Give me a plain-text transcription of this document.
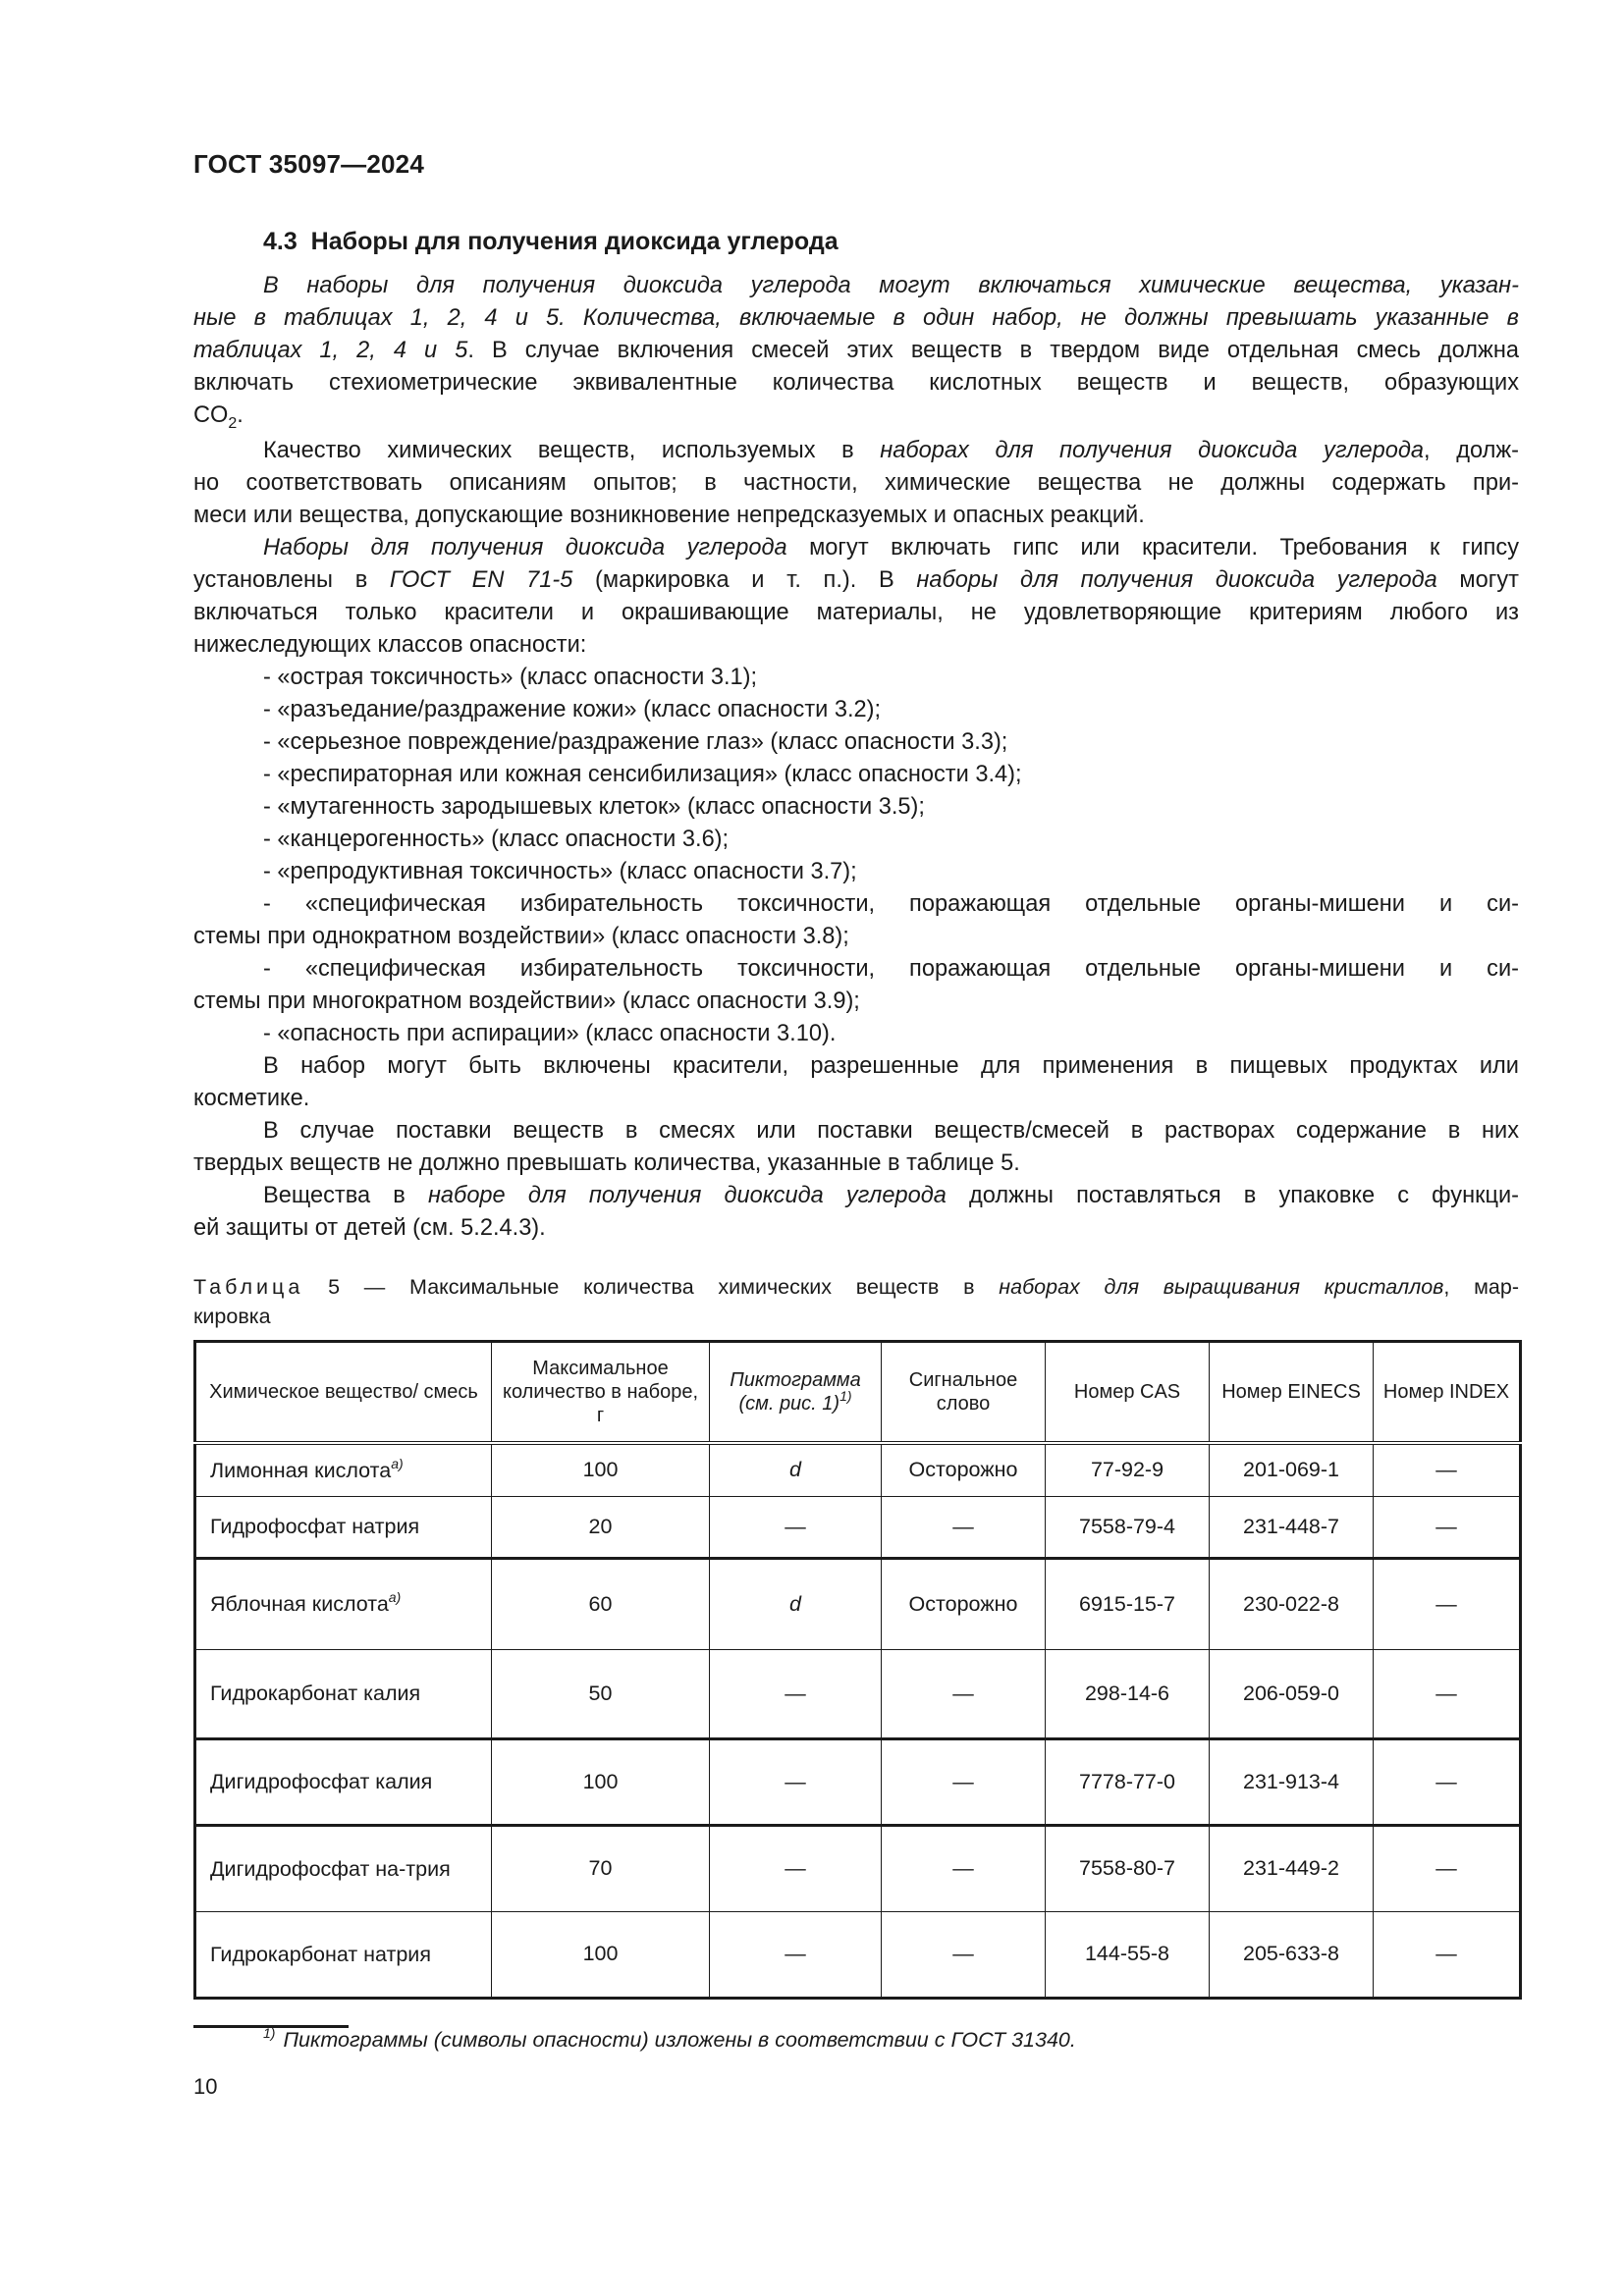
ГОСТ 35097—2024
4.3 Наборы для получения диоксида углерода
В наборы для получения диоксида углерода могут включаться химические вещества, указан-
ные в таблицах 1, 2, 4 и 5. Количества, включаемые в один набор, не должны превышать указанные в
таблицах 1, 2, 4 и 5. В случае включения смесей этих веществ в твердом виде отдельная смесь должна
включать стехиометрические эквивалентные количества кислотных веществ и веществ, образующих
$CO_2$.
Качество химических веществ, используемых в наборах для получения диоксида углерода, долж-
но соответствовать описаниям опытов; в частности, химические вещества не должны содержать при-
меси или вещества, допускающие возникновение непредсказуемых и опасных реакций.
Наборы для получения диоксида углерода могут включать гипс или красители. Требования к гипсу
установлены в ГОСТ EN 71-5 (маркировка и т. п.). В наборы для получения диоксида углерода могут
включаться только красители и окрашивающие материалы, не удовлетворяющие критериям любого из
нижеследующих классов опасности:
- «острая токсичность» (класс опасности 3.1);
- «разъедание/раздражение кожи» (класс опасности 3.2);
- «серьезное повреждение/раздражение глаз» (класс опасности 3.3);
- «респираторная или кожная сенсибилизация» (класс опасности 3.4);
- «мутагенность зародышевых клеток» (класс опасности 3.5);
- «канцерогенность» (класс опасности 3.6);
- «репродуктивная токсичность» (класс опасности 3.7);
- «специфическая избирательность токсичности, поражающая отдельные органы-мишени и си-
стемы при однократном воздействии» (класс опасности 3.8);
- «специфическая избирательность токсичности, поражающая отдельные органы-мишени и си-
стемы при многократном воздействии» (класс опасности 3.9);
- «опасность при аспирации» (класс опасности 3.10).
В набор могут быть включены красители, разрешенные для применения в пищевых продуктах или
косметике.
В случае поставки веществ в смесях или поставки веществ/смесей в растворах содержание в них
твердых веществ не должно превышать количества, указанные в таблице 5.
Вещества в наборе для получения диоксида углерода должны поставляться в упаковке с функци-
ей защиты от детей (см. 5.2.4.3).
Таблица 5 — Максимальные количества химических веществ в наборах для выращивания кристаллов, мар-
кировка
Химическое вещество/ смесь	Максимальное количество в наборе, г	Пиктограмма (см. рис. 1)$^{1)}$	Сигнальное слово	Номер CAS	Номер EINECS	Номер INDEX
Лимонная кислота$^{а)}$	100	d	Осторожно	77-92-9	201-069-1	—
Гидрофосфат натрия	20	—	—	7558-79-4	231-448-7	—
Яблочная кислота$^{а)}$	60	d	Осторожно	6915-15-7	230-022-8	—
Гидрокарбонат калия	50	—	—	298-14-6	206-059-0	—
Дигидрофосфат калия	100	—	—	7778-77-0	231-913-4	—
Дигидрофосфат на-трия	70	—	—	7558-80-7	231-449-2	—
Гидрокарбонат натрия	100	—	—	144-55-8	205-633-8	—
$^{1)}$ Пиктограммы (символы опасности) изложены в соответствии с ГОСТ 31340.
10
